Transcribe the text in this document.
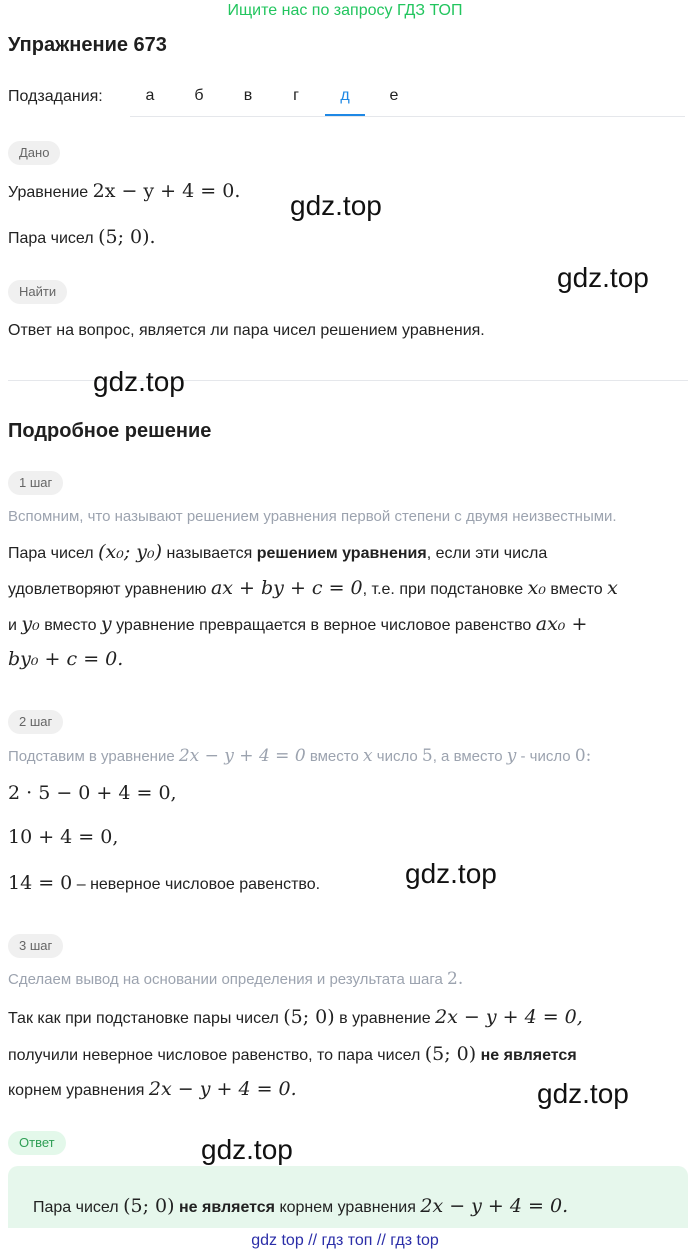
Ищите нас по запросу ГДЗ ТОП
Упражнение 673
Подзадания:	а	б	в	г	д	е
Дано
Уравнение 2x − y + 4 = 0.
Пара чисел (5; 0).
Найти
Ответ на вопрос, является ли пара чисел решением уравнения.
Подробное решение
1 шаг
Вспомним, что называют решением уравнения первой степени с двумя неизвестными.
Пара чисел (x₀; y₀) называется решением уравнения, если эти числа
удовлетворяют уравнению ax + by + c = 0, т.е. при подстановке x₀ вместо x
и y₀ вместо y уравнение превращается в верное числовое равенство ax₀ +
by₀ + c = 0.
2 шаг
Подставим в уравнение 2x − y + 4 = 0 вместо x число 5, а вместо y - число 0:
2 · 5 − 0 + 4 = 0,
10 + 4 = 0,
14 = 0 – неверное числовое равенство.
3 шаг
Сделаем вывод на основании определения и результата шага 2.
Так как при подстановке пары чисел (5; 0) в уравнение 2x − y + 4 = 0,
получили неверное числовое равенство, то пара чисел (5; 0) не является
корнем уравнения 2x − y + 4 = 0.
Ответ
Пара чисел (5; 0) не является корнем уравнения 2x − y + 4 = 0.
gdz.top
gdz.top
gdz.top
gdz.top
gdz.top
gdz.top
gdz top // гдз топ // гдз top
